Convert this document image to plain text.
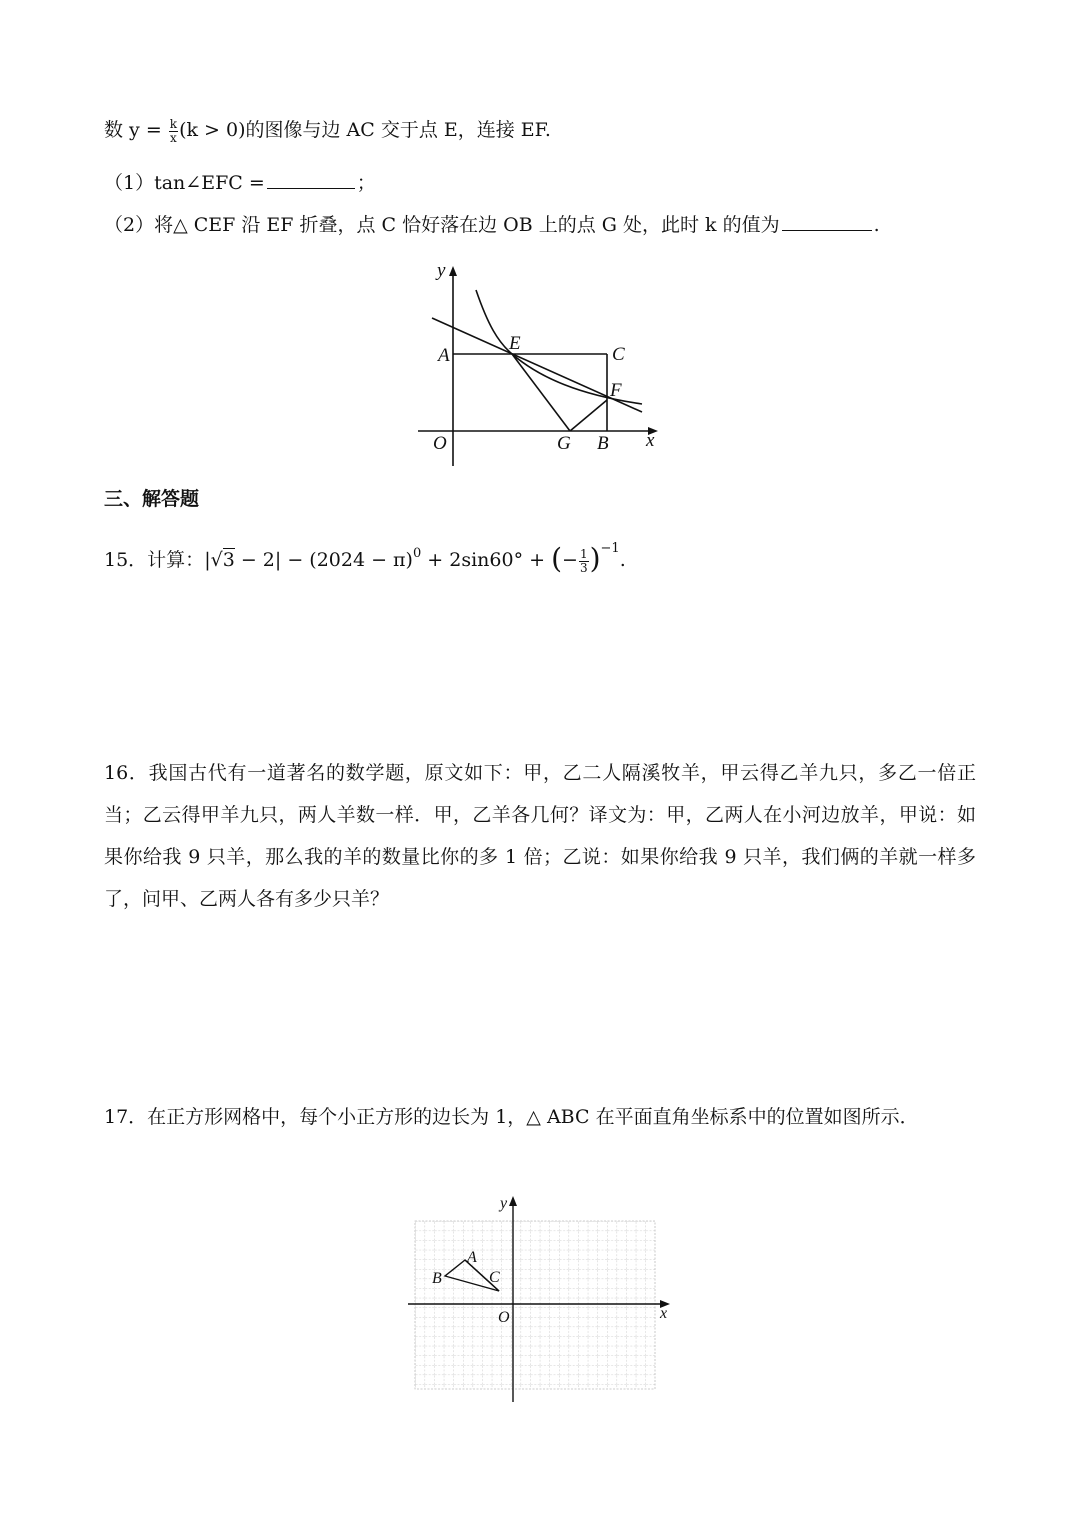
数 $y = \frac{k}{x} (k > 0)$的图像与边 AC 交于点 E，连接 EF.
（1）tan∠EFC =	；
（2）将△ CEF 沿 EF 折叠，点 C 恰好落在边 OB 上的点 G 处，此时 k 的值为	.
y
x
O
A
E
C
F
G B
三、解答题
15．计算：$|√3 - 2| - (2024 - \pi)^0 + 2\sin 60^\circ$ + (− $\frac{1}{3} )^{-1}$.
16．我国古代有一道著名的数学题，原文如下：甲，乙二人隔溪牧羊，甲云得乙羊九只，多乙一倍正当；乙云得甲羊九只，两人羊数一样．甲，乙羊各几何？译文为：甲，乙两人在小河边放羊，甲说：如果你给我 9 只羊，那么我的羊的数量比你的多 1 倍；乙说：如果你给我 9 只羊，我们俩的羊就一样多了，问甲、乙两人各有多少只羊？
17．在正方形网格中，每个小正方形的边长为 1，△ ABC 在平面直角坐标系中的位置如图所示．
y
x
O
A
B	C
